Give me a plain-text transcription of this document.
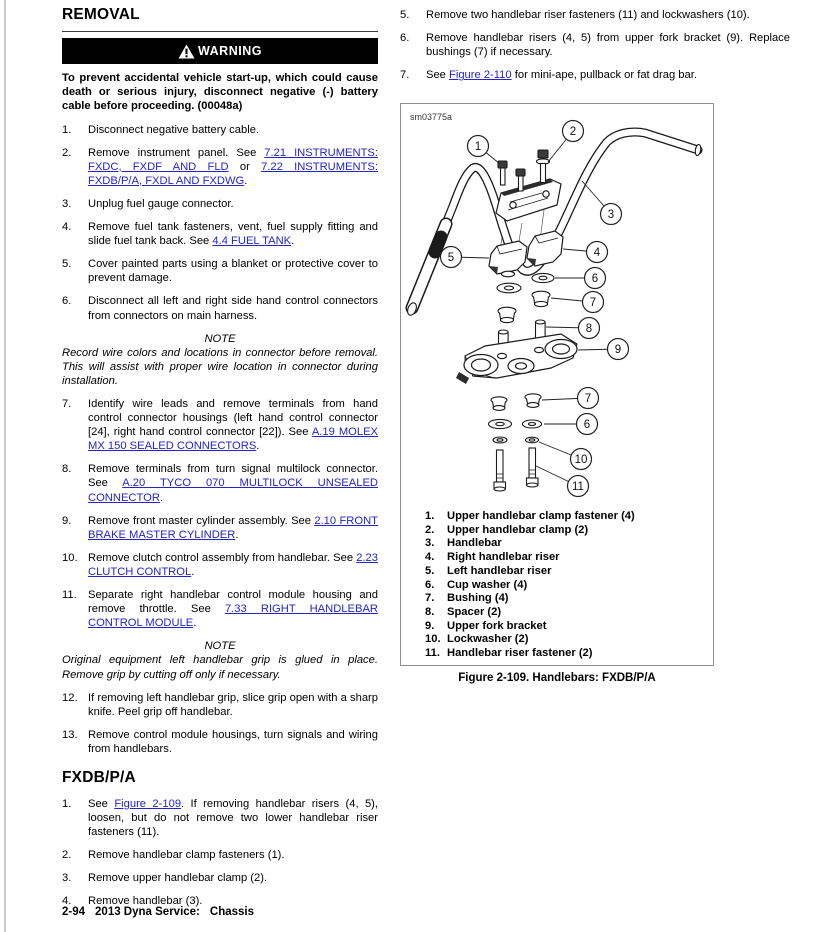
REMOVAL
WARNING

To prevent accidental vehicle start-up, which could cause death or serious injury, disconnect negative (-) battery cable before proceeding. (00048a)

1.	Disconnect negative battery cable.
2.	Remove instrument panel. See 7.21 INSTRUMENTS: FXDC, FXDF AND FLD or 7.22 INSTRUMENTS: FXDB/P/A, FXDL AND FXDWG.
3.	Unplug fuel gauge connector.
4.	Remove fuel tank fasteners, vent, fuel supply fitting and slide fuel tank back. See 4.4 FUEL TANK.
5.	Cover painted parts using a blanket or protective cover to prevent damage.
6.	Disconnect all left and right side hand control connectors from connectors on main harness.
NOTE

Record wire colors and locations in connector before removal. This will assist with proper wire location in connector during installation.

7.	Identify wire leads and remove terminals from hand control connector housings (left hand control connector [24], right hand control connector [22]). See A.19 MOLEX MX 150 SEALED CONNECTORS.
8.	Remove terminals from turn signal multilock connector. See A.20 TYCO 070 MULTILOCK UNSEALED CONNECTOR.
9.	Remove front master cylinder assembly. See 2.10 FRONT BRAKE MASTER CYLINDER.
10. Remove clutch control assembly from handlebar. See 2.23 CLUTCH CONTROL.
11.	Separate right handlebar control module housing and remove throttle. See 7.33 RIGHT HANDLEBAR CONTROL MODULE.
NOTE

Original equipment left handlebar grip is glued in place. Remove grip by cutting off only if necessary.

12. If removing left handlebar grip, slice grip open with a sharp knife. Peel grip off handlebar.
13. Remove control module housings, turn signals and wiring from handlebars.
FXDB/P/A
1.	See Figure 2-109. If removing handlebar risers (4, 5), loosen, but do not remove two lower handlebar riser fasteners (11).
2.	Remove handlebar clamp fasteners (1).
3.	Remove upper handlebar clamp (2).
4.	Remove handlebar (3).
5.	Remove two handlebar riser fasteners (11) and lockwashers (10).
6.	Remove handlebar risers (4, 5) from upper fork bracket (9). Replace bushings (7) if necessary.
7.	See Figure 2-110 for mini-ape, pullback or fat drag bar.
sm03775a
1
2
3
4
5
6
7
8
9
7
6
10
11
1.	Upper handlebar clamp fastener (4)
2.	Upper handlebar clamp (2)
3.	Handlebar
4.	Right handlebar riser
5.	Left handlebar riser
6.	Cup washer (4)
7.	Bushing (4)
8.	Spacer (2)
9.	Upper fork bracket
10. Lockwasher (2)
11. Handlebar riser fastener (2)
Figure 2-109. Handlebars: FXDB/P/A
2-94 2013 Dyna Service: Chassis
